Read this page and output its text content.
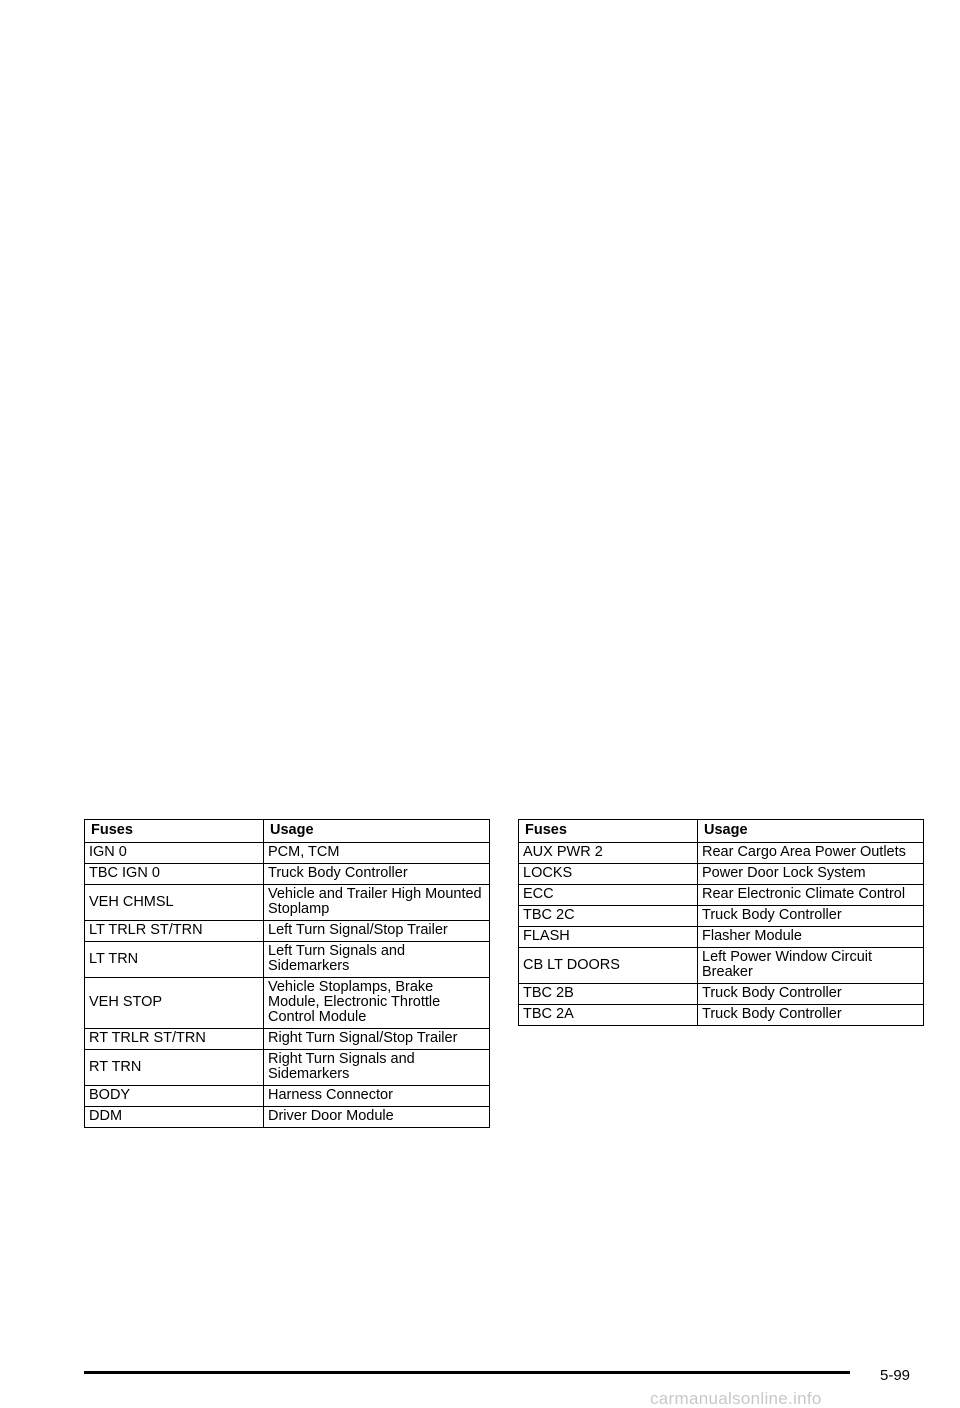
Fuses	Usage
IGN 0	PCM, TCM
TBC IGN 0	Truck Body Controller
VEH CHMSL	Vehicle and Trailer High Mounted Stoplamp
LT TRLR ST/TRN	Left Turn Signal/Stop Trailer
LT TRN	Left Turn Signals and Sidemarkers
VEH STOP	Vehicle Stoplamps, Brake Module, Electronic Throttle Control Module
RT TRLR ST/TRN	Right Turn Signal/Stop Trailer
RT TRN	Right Turn Signals and Sidemarkers
BODY	Harness Connector
DDM	Driver Door Module
Fuses	Usage
AUX PWR 2	Rear Cargo Area Power Outlets
LOCKS	Power Door Lock System
ECC	Rear Electronic Climate Control
TBC 2C	Truck Body Controller
FLASH	Flasher Module
CB LT DOORS	Left Power Window Circuit Breaker
TBC 2B	Truck Body Controller
TBC 2A	Truck Body Controller
5-99
carmanualsonline.info
